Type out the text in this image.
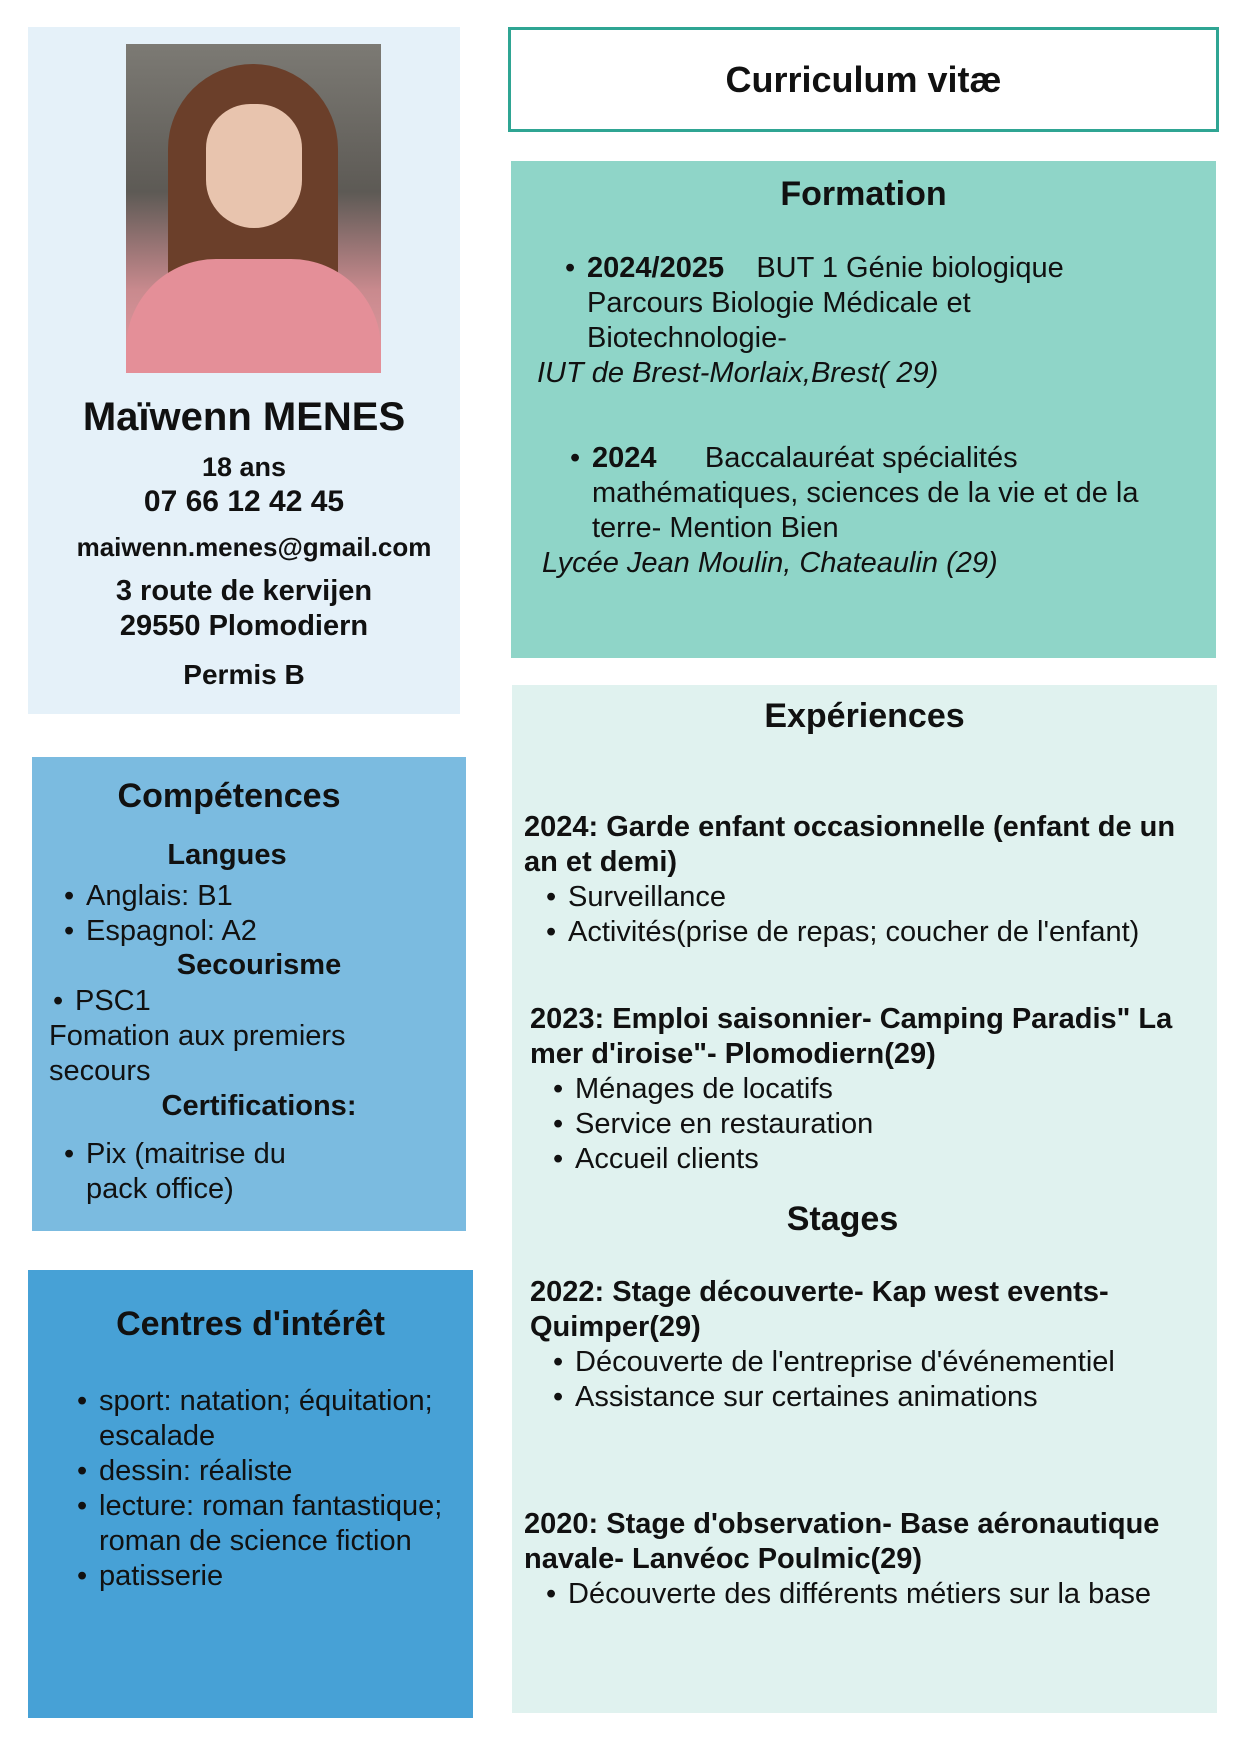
Maïwenn MENES
18 ans
07 66 12 42 45
maiwenn.menes@gmail.com
3 route de kervijen
29550 Plomodiern
Permis B
Curriculum vitæ
Formation
• 2024/2025 BUT 1 Génie biologique Parcours Biologie Médicale et Biotechnologie-
IUT de Brest-Morlaix,Brest( 29)
• 2024 Baccalauréat spécialités mathématiques, sciences de la vie et de la terre- Mention Bien
Lycée Jean Moulin, Chateaulin (29)
Compétences
Langues
• Anglais: B1
• Espagnol: A2
Secourisme
• PSC1
Fomation aux premiers secours
Certifications:
• Pix (maitrise du pack office)
Centres d'intérêt
• sport: natation; équitation; escalade
• dessin: réaliste
• lecture: roman fantastique; roman de science fiction
• patisserie
Expériences
2024: Garde enfant occasionnelle (enfant de un an et demi)
• Surveillance
• Activités(prise de repas; coucher de l'enfant)
2023: Emploi saisonnier- Camping Paradis" La mer d'iroise"- Plomodiern(29)
• Ménages de locatifs
• Service en restauration
• Accueil clients
Stages
2022: Stage découverte- Kap west events- Quimper(29)
• Découverte de l'entreprise d'événementiel
• Assistance sur certaines animations
2020: Stage d'observation- Base aéronautique navale- Lanvéoc Poulmic(29)
• Découverte des différents métiers sur la base
